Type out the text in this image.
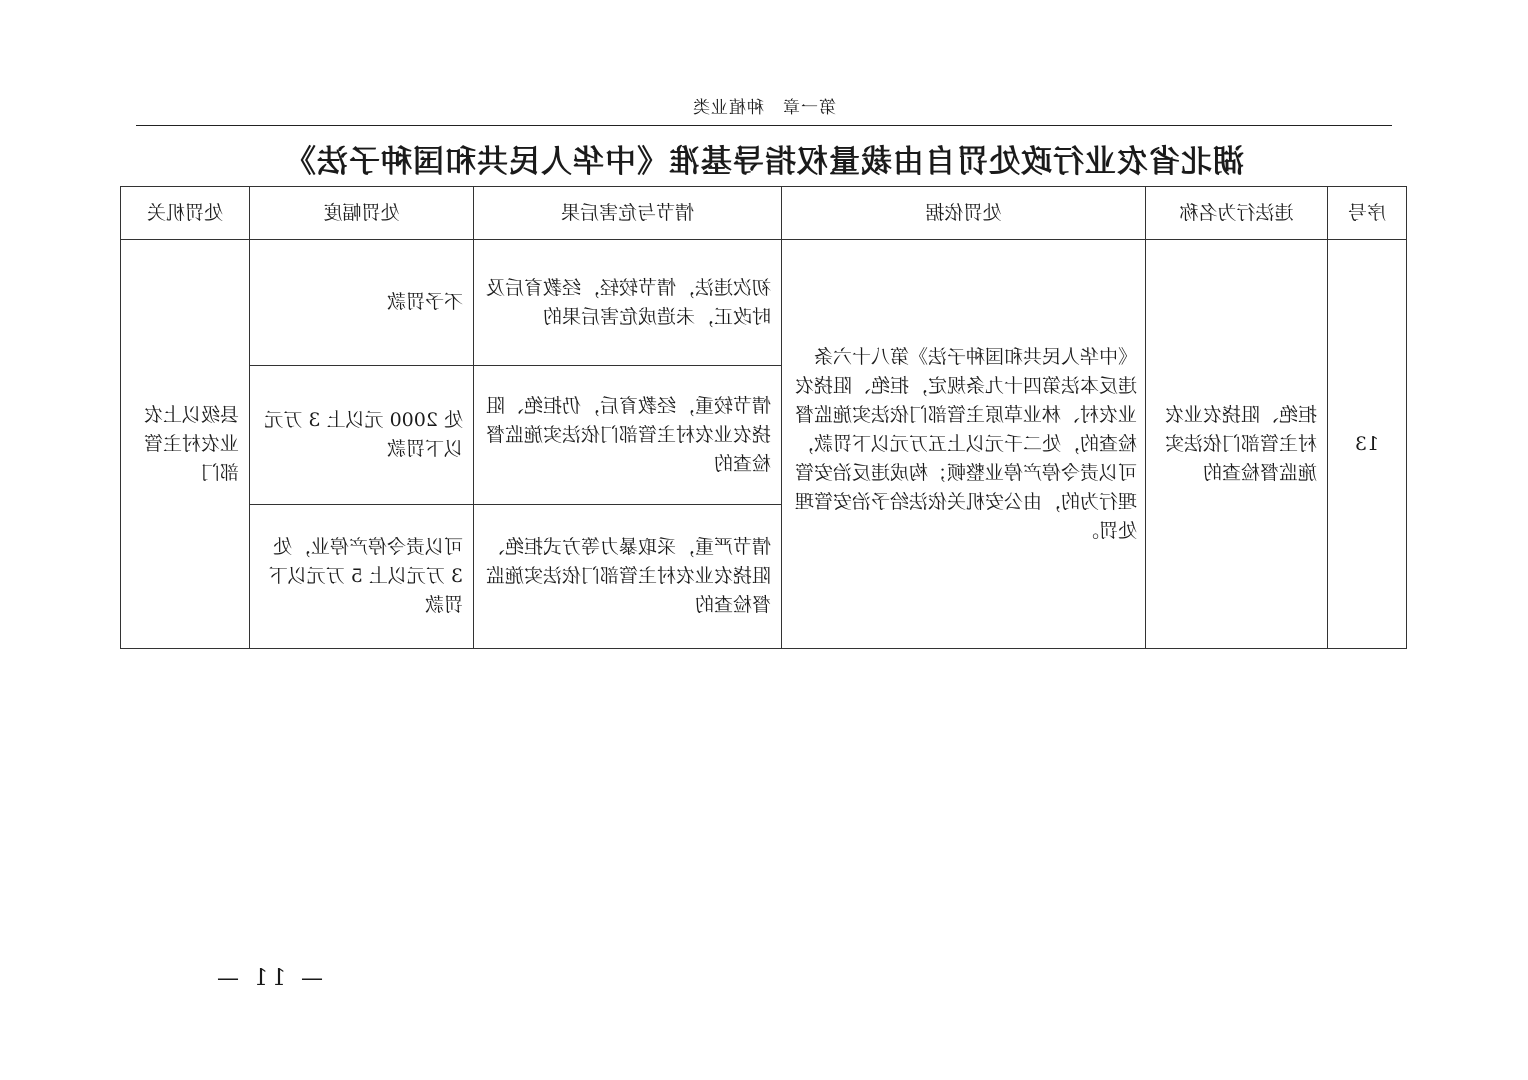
第一章　种植业类
湖北省农业行政处罚自由裁量权指导基准《中华人民共和国种子法》
序号	违法行为名称	处罚依据	情节与危害后果	处罚幅度	处罚机关
13	拒绝、阻挠农业农村主管部门依法实施监督检查的	《中华人民共和国种子法》第八十六条 违反本法第四十九条规定，拒绝、阻挠农业农村、林业草原主管部门依法实施监督检查的，处二千元以上五万元以下罚款，可以责令停产停业整顿；构成违反治安管理行为的，由公安机关依法给予治安管理处罚。	初次违法，情节较轻，经教育后及时改正，未造成危害后果的	不予罚款	县级以上农业农村主管部门
			情节较重，经教育后，仍拒绝、阻挠农业农村主管部门依法实施监督检查的	处 2000 元以上 3 万元以下罚款	
			情节严重，采取暴力等方式拒绝、阻挠农业农村主管部门依法实施监督检查的	可以责令停产停业，处 3 万元以上 5 万元以下罚款	
— 11 —
